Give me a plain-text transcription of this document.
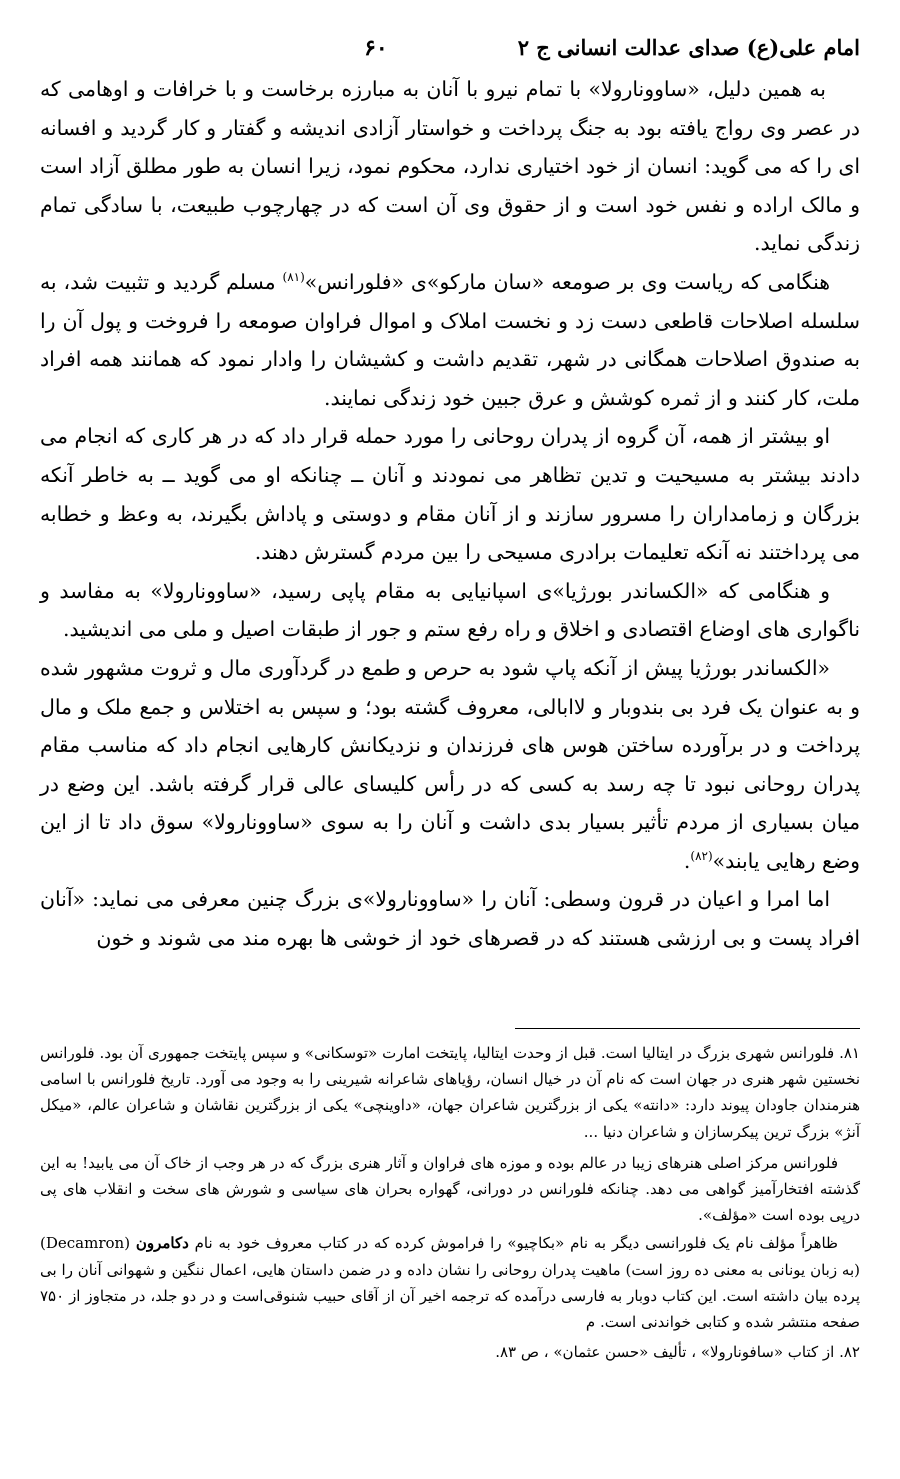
امام علی(ع) صدای عدالت انسانی ج ۲
۶۰

به همین دلیل، «ساوونارولا» با تمام نیرو با آنان به مبارزه برخاست و با خرافات و اوهامی که در عصر وی رواج یافته بود به جنگ پرداخت و خواستار آزادی اندیشه و گفتار و کار گردید و افسانه ای را که می گوید: انسان از خود اختیاری ندارد، محکوم نمود، زیرا انسان به طور مطلق آزاد است و مالک اراده و نفس خود است و از حقوق وی آن است که در چهارچوب طبیعت، با سادگی تمام زندگی نماید.

هنگامی که ریاست وی بر صومعه «سان مارکو»ی «فلورانس»$^{(۸۱)}$ مسلم گردید و تثبیت شد، به سلسله اصلاحات قاطعی دست زد و نخست املاک و اموال فراوان صومعه را فروخت و پول آن را به صندوق اصلاحات همگانی در شهر، تقدیم داشت و کشیشان را وادار نمود که همانند همه افراد ملت، کار کنند و از ثمره کوشش و عرق جبین خود زندگی نمایند.

او بیشتر از همه، آن گروه از پدران روحانی را مورد حمله قرار داد که در هر کاری که انجام می دادند بیشتر به مسیحیت و تدین تظاهر می نمودند و آنان ــ چنانکه او می گوید ــ به خاطر آنکه بزرگان و زمامداران را مسرور سازند و از آنان مقام و دوستی و پاداش بگیرند، به وعظ و خطابه می پرداختند نه آنکه تعلیمات برادری مسیحی را بین مردم گسترش دهند.

و هنگامی که «الکساندر بورژیا»ی اسپانیایی به مقام پاپی رسید، «ساوونارولا» به مفاسد و ناگواری های اوضاع اقتصادی و اخلاق و راه رفع ستم و جور از طبقات اصیل و ملی می اندیشید.

«الکساندر بورژیا پیش از آنکه پاپ شود به حرص و طمع در گردآوری مال و ثروت مشهور شده و به عنوان یک فرد بی بندوبار و لاابالی، معروف گشته بود؛ و سپس به اختلاس و جمع ملک و مال پرداخت و در برآورده ساختن هوس های فرزندان و نزدیکانش کارهایی انجام داد که مناسب مقام پدران روحانی نبود تا چه رسد به کسی که در رأس کلیسای عالی قرار گرفته باشد. این وضع در میان بسیاری از مردم تأثیر بسیار بدی داشت و آنان را به سوی «ساوونارولا» سوق داد تا از این وضع رهایی یابند»$^{(۸۲)}$.

اما امرا و اعیان در قرون وسطی: آنان را «ساوونارولا»ی بزرگ چنین معرفی می نماید: «آنان افراد پست و بی ارزشی هستند که در قصرهای خود از خوشی ها بهره مند می شوند و خون

۸۱. فلورانس شهری بزرگ در ایتالیا است. قبل از وحدت ایتالیا، پایتخت امارت «توسکانی» و سپس پایتخت جمهوری آن بود. فلورانس نخستین شهر هنری در جهان است که نام آن در خیال انسان، رؤیاهای شاعرانه شیرینی را به وجود می آورد. تاریخ فلورانس با اسامی هنرمندان جاودان پیوند دارد: «دانته» یکی از بزرگترین شاعران جهان، «داوینچی» یکی از بزرگترین نقاشان و شاعران عالم، «میکل آنژ» بزرگ ترین پیکرسازان و شاعران دنیا ...

فلورانس مرکز اصلی هنرهای زیبا در عالم بوده و موزه های فراوان و آثار هنری بزرگ که در هر وجب از خاک آن می یابید! به این گذشته افتخارآمیز گواهی می دهد. چنانکه فلورانس در دورانی، گهواره بحران های سیاسی و شورش های سخت و انقلاب های پی درپی بوده است «مؤلف».

ظاهراً مؤلف نام یک فلورانسی دیگر به نام «بکاچیو» را فراموش کرده که در کتاب معروف خود به نام دکامرون (Decamron) (به زبان یونانی به معنی ده روز است) ماهیت پدران روحانی را نشان داده و در ضمن داستان هایی، اعمال ننگین و شهوانی آنان را بی پرده بیان داشته است. این کتاب دوبار به فارسی درآمده که ترجمه اخیر آن از آقای حبیب شنوقی‌است و در دو جلد، در متجاوز از ۷۵۰ صفحه منتشر شده و کتابی خواندنی است. م

۸۲. از کتاب «سافونارولا» ، تألیف «حسن عثمان» ، ص ۸۳.
